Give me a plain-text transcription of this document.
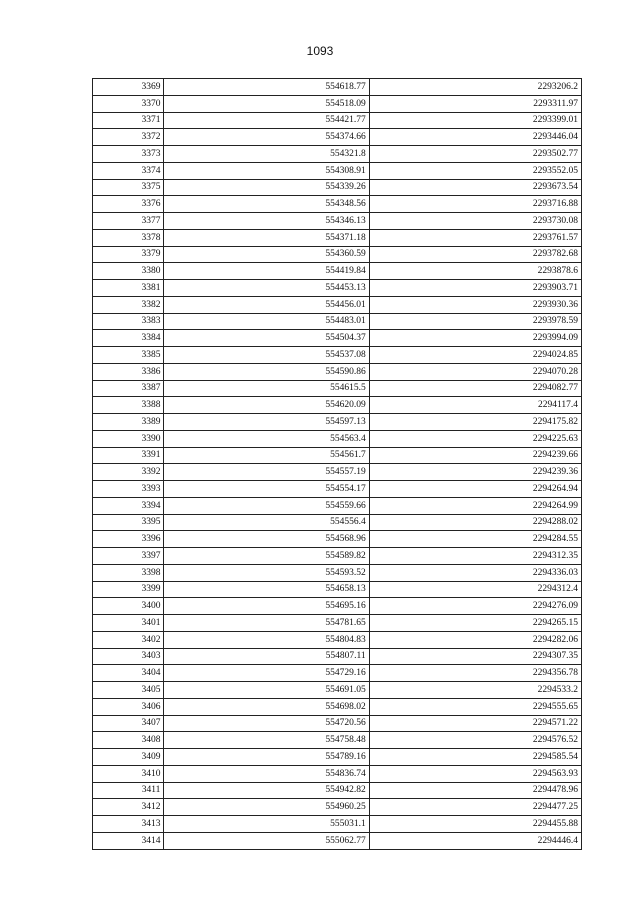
1093
3369	554618.77	2293206.2
3370	554518.09	2293311.97
3371	554421.77	2293399.01
3372	554374.66	2293446.04
3373	554321.8	2293502.77
3374	554308.91	2293552.05
3375	554339.26	2293673.54
3376	554348.56	2293716.88
3377	554346.13	2293730.08
3378	554371.18	2293761.57
3379	554360.59	2293782.68
3380	554419.84	2293878.6
3381	554453.13	2293903.71
3382	554456.01	2293930.36
3383	554483.01	2293978.59
3384	554504.37	2293994.09
3385	554537.08	2294024.85
3386	554590.86	2294070.28
3387	554615.5	2294082.77
3388	554620.09	2294117.4
3389	554597.13	2294175.82
3390	554563.4	2294225.63
3391	554561.7	2294239.66
3392	554557.19	2294239.36
3393	554554.17	2294264.94
3394	554559.66	2294264.99
3395	554556.4	2294288.02
3396	554568.96	2294284.55
3397	554589.82	2294312.35
3398	554593.52	2294336.03
3399	554658.13	2294312.4
3400	554695.16	2294276.09
3401	554781.65	2294265.15
3402	554804.83	2294282.06
3403	554807.11	2294307.35
3404	554729.16	2294356.78
3405	554691.05	2294533.2
3406	554698.02	2294555.65
3407	554720.56	2294571.22
3408	554758.48	2294576.52
3409	554789.16	2294585.54
3410	554836.74	2294563.93
3411	554942.82	2294478.96
3412	554960.25	2294477.25
3413	555031.1	2294455.88
3414	555062.77	2294446.4
